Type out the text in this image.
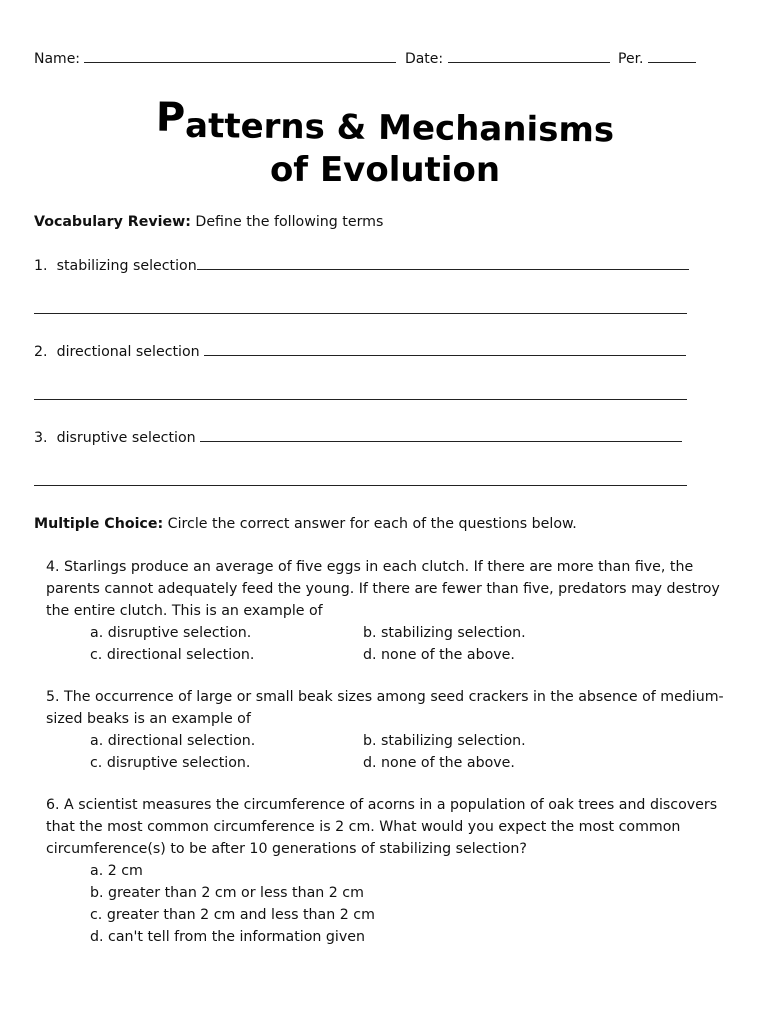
Name:	Date:	Per.
Patterns & Mechanisms
of Evolution
Vocabulary Review: Define the following terms
1. stabilizing selection
2. directional selection
3. disruptive selection
Multiple Choice: Circle the correct answer for each of the questions below.
4. Starlings produce an average of five eggs in each clutch. If there are more than five, the
parents cannot adequately feed the young. If there are fewer than five, predators may destroy
the entire clutch. This is an example of
a. disruptive selection.	b. stabilizing selection.
c. directional selection.	d. none of the above.
5. The occurrence of large or small beak sizes among seed crackers in the absence of medium-
sized beaks is an example of
a. directional selection.	b. stabilizing selection.
c. disruptive selection.	d. none of the above.
6. A scientist measures the circumference of acorns in a population of oak trees and discovers
that the most common circumference is 2 cm. What would you expect the most common
circumference(s) to be after 10 generations of stabilizing selection?
a. 2 cm
b. greater than 2 cm or less than 2 cm
c. greater than 2 cm and less than 2 cm
d. can't tell from the information given
